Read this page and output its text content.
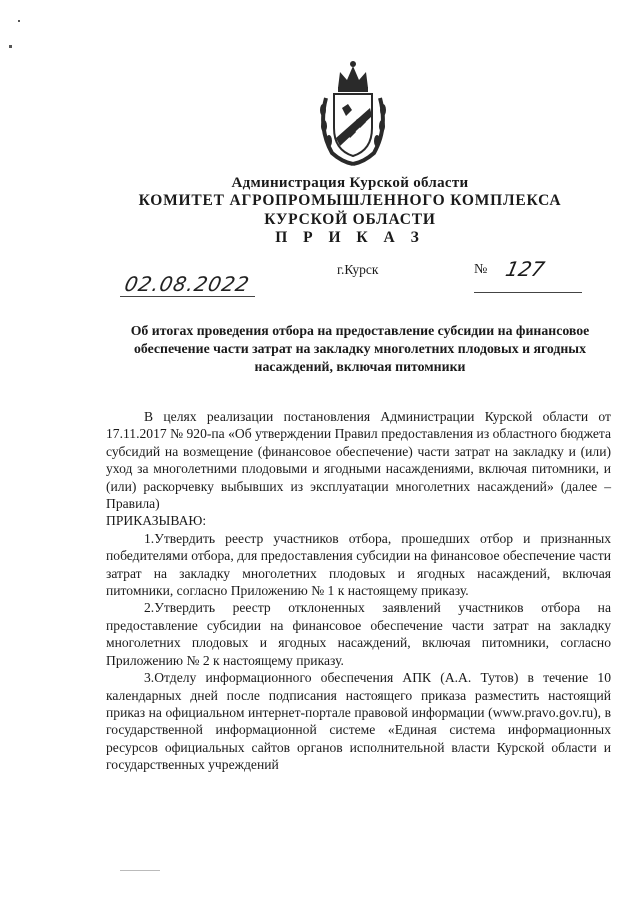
Администрация Курской области
КОМИТЕТ АГРОПРОМЫШЛЕННОГО КОМПЛЕКСА
КУРСКОЙ ОБЛАСТИ
П Р И К А З
02.08.2022
г.Курск	№ 127
Об итогах проведения отбора на предоставление субсидии на финансовое обеспечение части затрат на закладку многолетних плодовых и ягодных насаждений, включая питомники

В целях реализации постановления Администрации Курской области от 17.11.2017 № 920-па «Об утверждении Правил предоставления из областного бюджета субсидий на возмещение (финансовое обеспечение) части затрат на закладку и (или) уход за многолетними плодовыми и ягодными насаждениями, включая питомники, и (или) раскорчевку выбывших из эксплуатации многолетних насаждений» (далее –Правила)

ПРИКАЗЫВАЮ:

1.Утвердить реестр участников отбора, прошедших отбор и признанных победителями отбора, для предоставления субсидии на финансовое обеспечение части затрат на закладку многолетних плодовых и ягодных насаждений, включая питомники, согласно Приложению № 1 к настоящему приказу.

2.Утвердить реестр отклоненных заявлений участников отбора на предоставление субсидии на финансовое обеспечение части затрат на закладку многолетних плодовых и ягодных насаждений, включая питомники, согласно Приложению № 2 к настоящему приказу.

3.Отделу информационного обеспечения АПК (А.А. Тутов) в течение 10 календарных дней после подписания настоящего приказа разместить настоящий приказ на официальном интернет-портале правовой информации (www.pravo.gov.ru), в государственной информационной системе «Единая система информационных ресурсов официальных сайтов органов исполнительной власти Курской области и государственных учреждений
